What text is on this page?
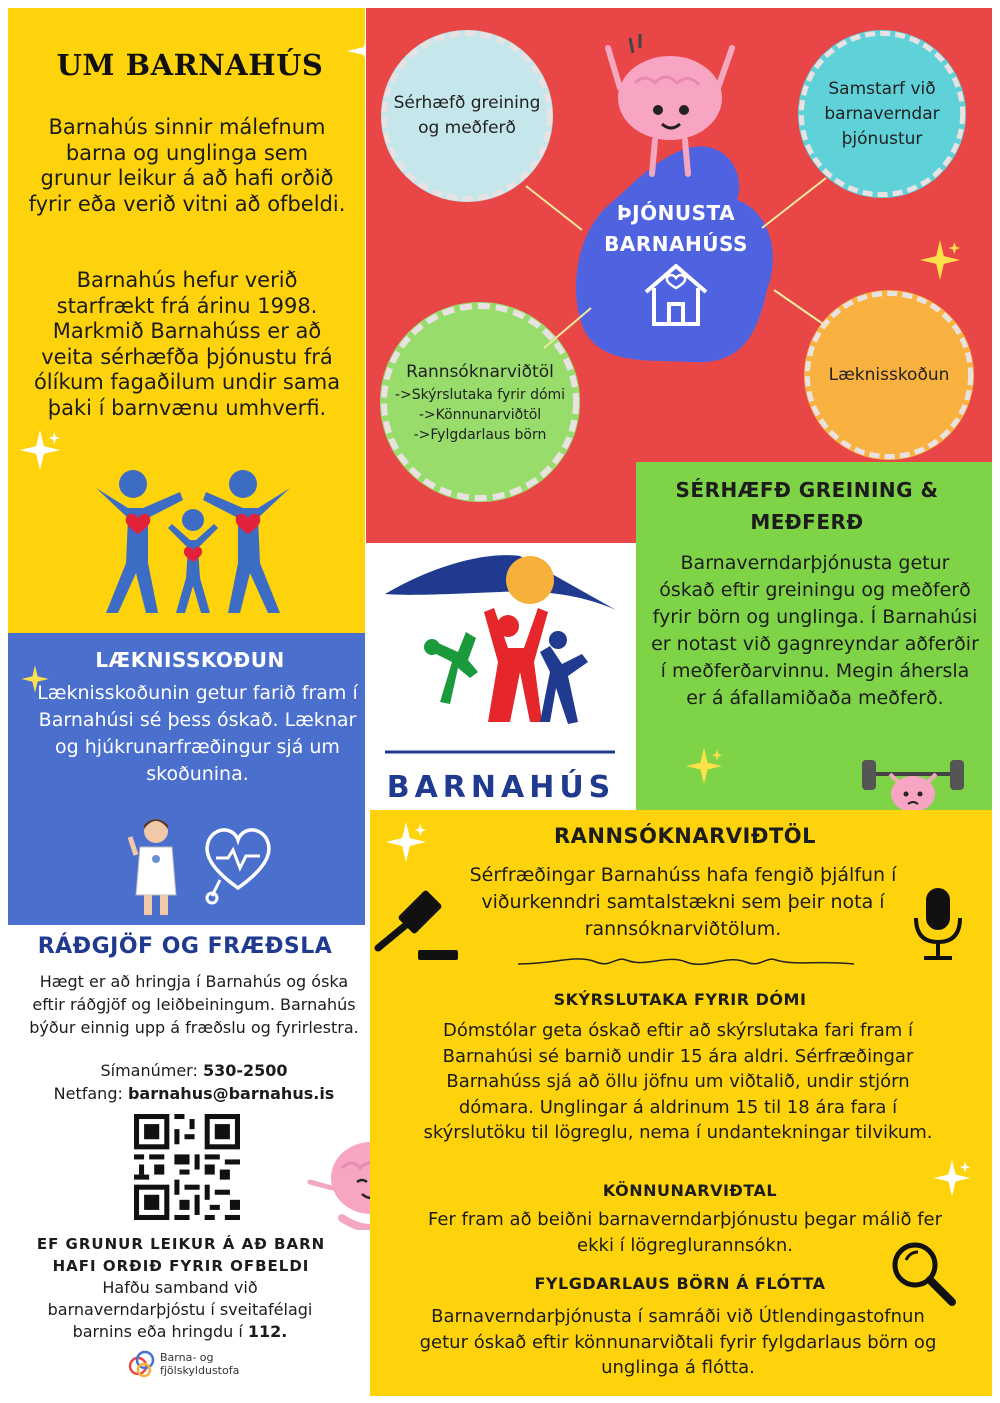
UM BARNAHÚS
Barnahús sinnir málefnum barna og unglinga sem grunur leikur á að hafi orðið fyrir eða verið vitni að ofbeldi.
Barnahús hefur verið starfrækt frá árinu 1998. Markmið Barnahúss er að veita sérhæfða þjónustu frá ólíkum fagaðilum undir sama þaki í barnvænu umhverfi.
Sérhæfð greining og meðferð
Samstarf við barnaverndar þjónustur
Læknisskoðun
Rannsóknarviðtöl
->Skýrslutaka fyrir dómi
->Könnunarviðtöl
->Fylgdarlaus börn
ÞJÓNUSTA BARNAHÚSS
SÉRHÆFÐ GREINING & MEÐFERÐ
Barnaverndarþjónusta getur óskað eftir greiningu og meðferð fyrir börn og unglinga. Í Barnahúsi er notast við gagnreyndar aðferðir í meðferðarvinnu. Megin áhersla er á áfallamiðaða meðferð.
BARNAHÚS
LÆKNISSKOÐUN
Læknisskoðunin getur farið fram í Barnahúsi sé þess óskað. Læknar og hjúkrunarfræðingur sjá um skoðunina.
RÁÐGJÖF OG FRÆÐSLA
Hægt er að hringja í Barnahús og óska eftir ráðgjöf og leiðbeiningum. Barnahús býður einnig upp á fræðslu og fyrirlestra.
Símanúmer: 530-2500
Netfang: barnahus@barnahus.is
EF GRUNUR LEIKUR Á AÐ BARN HAFI ORÐIÐ FYRIR OFBELDI
Hafðu samband við barnaverndarþjóstu í sveitafélagi barnins eða hringdu í 112.
Barna- og
fjölskyldustofa
RANNSÓKNARVIÐTÖL
Sérfræðingar Barnahúss hafa fengið þjálfun í viðurkenndri samtalstækni sem þeir nota í rannsóknarviðtölum.
SKÝRSLUTAKA FYRIR DÓMI
Dómstólar geta óskað eftir að skýrslutaka fari fram í Barnahúsi sé barnið undir 15 ára aldri. Sérfræðingar Barnahúss sjá að öllu jöfnu um viðtalið, undir stjórn dómara. Unglingar á aldrinum 15 til 18 ára fara í skýrslutöku til lögreglu, nema í undantekningar tilvikum.
KÖNNUNARVIÐTAL
Fer fram að beiðni barnaverndarþjónustu þegar málið fer ekki í lögreglurannsókn.
FYLGDARLAUS BÖRN Á FLÓTTA
Barnaverndarþjónusta í samráði við Útlendingastofnun getur óskað eftir könnunarviðtali fyrir fylgdarlaus börn og unglinga á flótta.
